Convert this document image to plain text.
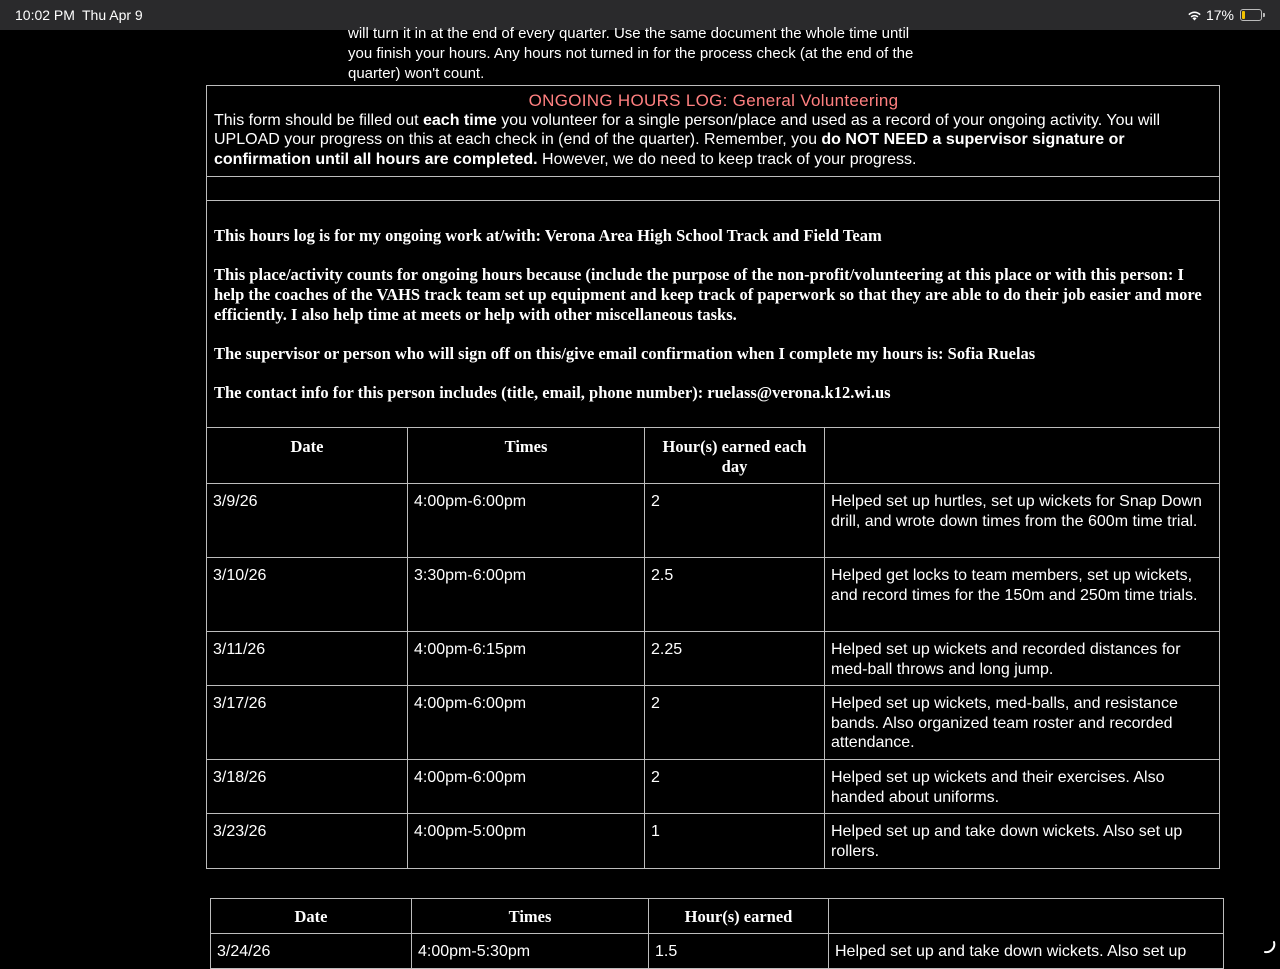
10:02 PM Thu Apr 9	17%
will turn it in at the end of every quarter. Use the same document the whole time until
you finish your hours. Any hours not turned in for the process check (at the end of the
quarter) won't count.
ONGOING HOURS LOG: General Volunteering
This form should be filled out each time you volunteer for a single person/place and used as a record of your ongoing activity. You will UPLOAD your progress on this at each check in (end of the quarter). Remember, you do NOT NEED a supervisor signature or confirmation until all hours are completed. However, we do need to keep track of your progress.			

This hours log is for my ongoing work at/with: Verona Area High School Track and Field Team

This place/activity counts for ongoing hours because (include the purpose of the non-profit/volunteering at this place or with this person: I help the coaches of the VAHS track team set up equipment and keep track of paperwork so that they are able to do their job easier and more efficiently. I also help time at meets or help with other miscellaneous tasks.

The supervisor or person who will sign off on this/give email confirmation when I complete my hours is: Sofia Ruelas

The contact info for this person includes (title, email, phone number): ruelass@verona.k12.wi.us			

Date	Times	Hour(s) earned each day	
3/9/26	4:00pm-6:00pm	2	Helped set up hurtles, set up wickets for Snap Down drill, and wrote down times from the 600m time trial.
3/10/26	3:30pm-6:00pm	2.5	Helped get locks to team members, set up wickets, and record times for the 150m and 250m time trials.
3/11/26	4:00pm-6:15pm	2.25	Helped set up wickets and recorded distances for med-ball throws and long jump.
3/17/26	4:00pm-6:00pm	2	Helped set up wickets, med-balls, and resistance bands. Also organized team roster and recorded attendance.
3/18/26	4:00pm-6:00pm	2	Helped set up wickets and their exercises. Also handed about uniforms.
3/23/26	4:00pm-5:00pm	1	Helped set up and take down wickets. Also set up rollers.
Date	Times	Hour(s) earned	
3/24/26	4:00pm-5:30pm	1.5	Helped set up and take down wickets. Also set up
